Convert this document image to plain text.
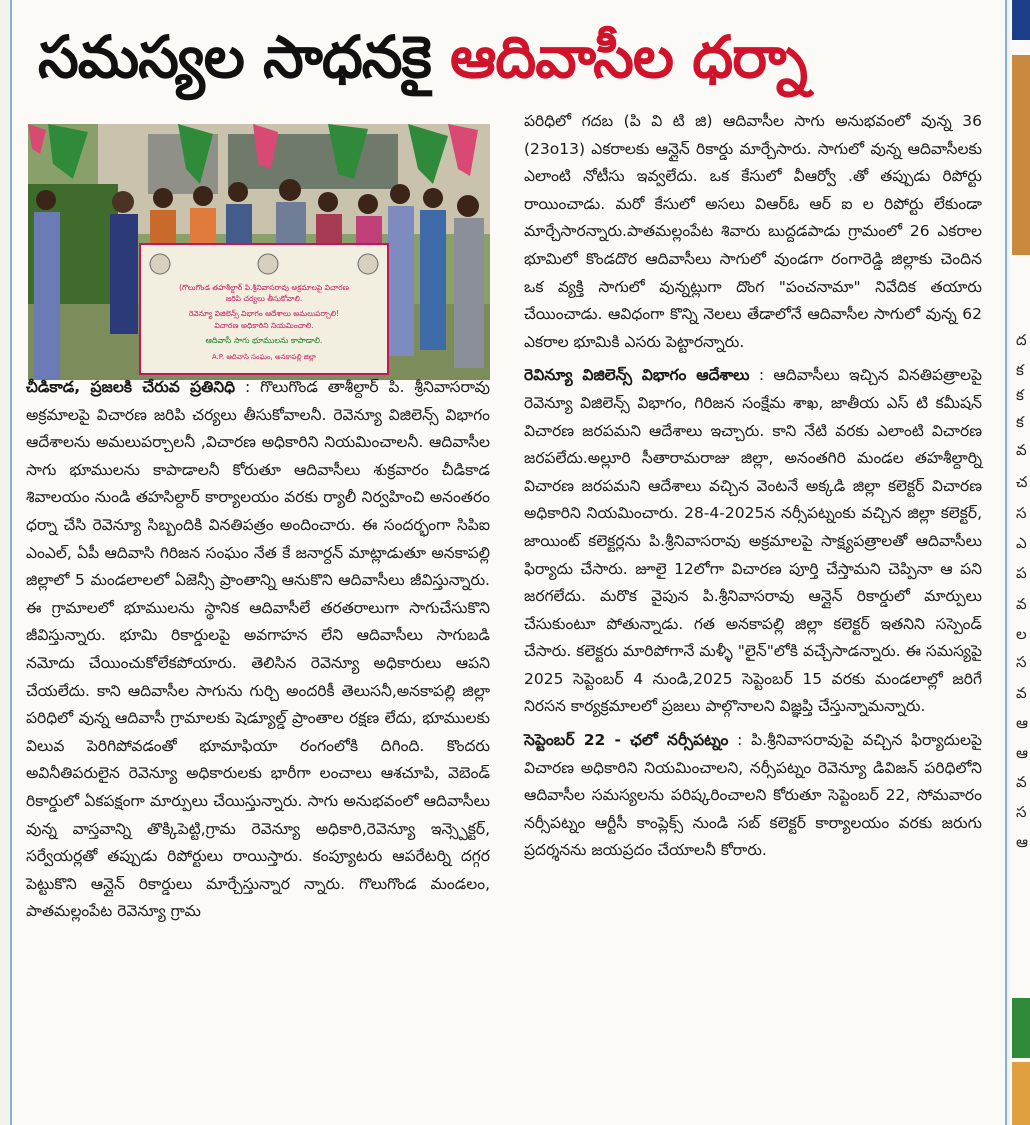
సమస్యల సాధనకై ఆదివాసీల ధర్నా
(గొలుగొండ తహశీల్దార్ పి.శ్రీనివాసరావు అక్రమాలపై విచారణ
జరిపి చర్యలు తీసుకోవాలి.
రెవెన్యూ విజిలెన్స్ విభాగం ఆదేశాలు అమలుపర్చాలి!
విచారణ అధికారిని నియమించాలి.
ఆదివాసీ సాగు భూములను కాపాడాలి.
A.P. ఆదివాసి సంఘం, అనకాపల్లి జిల్లా

చీడికాడ, ప్రజలకి చేరువ ప్రతినిధి : గొలుగొండ తాశీల్దార్ పి. శ్రీనివాసరావు అక్రమాలపై విచారణ జరిపి చర్యలు తీసుకోవాలనీ. రెవెన్యూ విజిలెన్స్ విభాగం ఆదేశాలను అమలుపర్చాలనీ ,విచారణ అధికారిని నియమించాలనీ. ఆదివాసీల సాగు భూములను కాపాడాలనీ కోరుతూ ఆదివాసీలు శుక్రవారం చీడికాడ శివాలయం నుండి తహసిల్దార్ కార్యాలయం వరకు ర్యాలీ నిర్వహించి అనంతరం ధర్నా చేసి రెవెన్యూ సిబ్బందికి వినతిపత్రం అందించారు. ఈ సందర్భంగా సిపిఐ ఎంఎల్, ఏపీ ఆదివాసి గిరిజన సంఘం నేత కే జనార్దన్ మాట్లాడుతూ అనకాపల్లి జిల్లాలో 5 మండలాలలో ఏజెన్సీ ప్రాంతాన్ని ఆనుకొని ఆదివాసీలు జీవిస్తున్నారు. ఈ గ్రామాలలో భూములను స్థానిక ఆదివాసీలే తరతరాలుగా సాగుచేసుకొని జీవిస్తున్నారు. భూమి రికార్డులపై అవగాహన లేని ఆదివాసీలు సాగుబడి నమోదు చేయించుకోలేకపోయారు. తెలిసిన రెవెన్యూ అధికారులు ఆపని చేయలేదు. కాని ఆదివాసీల సాగును గుర్చి అందరికీ తెలుసనీ,అనకాపల్లి జిల్లా పరిధిలో వున్న ఆదివాసీ గ్రామాలకు షెడ్యూల్డ్ ప్రాంతాల రక్షణ లేదు, భూములకు విలువ పెరిగిపోవడంతో భూమాఫియా రంగంలోకి దిగింది. కొందరు అవినీతిపరులైన రెవెన్యూ అధికారులకు భారీగా లంచాలు ఆశచూపి, వెబెండ్ రికార్డులో ఏకపక్షంగా మార్పులు చేయిస్తున్నారు. సాగు అనుభవంలో ఆదివాసీలు వున్న వాస్తవాన్ని తొక్కిపెట్టి,గ్రామ రెవెన్యూ అధికారి,రెవెన్యూ ఇన్స్పెక్టర్, సర్వేయర్లతో తప్పుడు రిపోర్టులు రాయిస్తారు. కంప్యూటరు ఆపరేటర్ని దగ్గర పెట్టుకొని ఆన్లైన్ రికార్డులు మార్చేస్తున్నార న్నారు. గొలుగొండ మండలం, పాతమల్లంపేట రెవెన్యూ గ్రామ

పరిధిలో గదబ (పి వి టి జి) ఆదివాసీల సాగు అనుభవంలో వున్న 36 (23o13) ఎకరాలకు ఆన్లైన్ రికార్డు మార్చేసారు. సాగులో వున్న ఆదివాసీలకు ఎలాంటి నోటీసు ఇవ్వలేదు. ఒక కేసులో వీఆర్వో .తో తప్పుడు రిపోర్టు రాయించాడు. మరో కేసులో అసలు విఆర్ఓ ఆర్ ఐ ల రిపోర్టు లేకుండా మార్చేసారన్నారు.పాతమల్లంపేట శివారు బుద్దడపాడు గ్రామంలో 26 ఎకరాల భూమిలో కొండదొర ఆదివాసీలు సాగులో వుండగా రంగారెడ్డి జిల్లాకు చెందిన ఒక వ్యక్తి సాగులో వున్నట్లుగా దొంగ "పంచనామా" నివేదిక తయారు చేయించాడు. ఆవిధంగా కొన్ని నెలలు తేడాలోనే ఆదివాసీల సాగులో వున్న 62 ఎకరాల భూమికి ఎసరు పెట్టారన్నారు.

రెవిన్యూ విజిలెన్స్ విభాగం ఆదేశాలు : ఆదివాసీలు ఇచ్చిన వినతిపత్రాలపై రెవెన్యూ విజిలెన్స్ విభాగం, గిరిజన సంక్షేమ శాఖ, జాతీయ ఎస్ టి కమీషన్ విచారణ జరపమని ఆదేశాలు ఇచ్చారు. కాని నేటి వరకు ఎలాంటి విచారణ జరపలేదు.అల్లూరి సీతారామరాజు జిల్లా, అనంతగిరి మండల తహశీల్దార్ని విచారణ జరపమని ఆదేశాలు వచ్చిన వెంటనే అక్కడి జిల్లా కలెక్టర్ విచారణ అధికారిని నియమించారు. 28-4-2025న నర్సీపట్నంకు వచ్చిన జిల్లా కలెక్టర్, జాయింట్ కలెక్టర్లను పి.శ్రీనివాసరావు అక్రమాలపై సాక్ష్యపత్రాలతో ఆదివాసీలు ఫిర్యాదు చేసారు. జూలై 12లోగా విచారణ పూర్తి చేస్తామని చెప్పినా ఆ పని జరగలేదు. మరొక వైపున పి.శ్రీనివాసరావు ఆన్లైన్ రికార్డులో మార్పులు చేసుకుంటూ పోతున్నాడు. గత అనకాపల్లి జిల్లా కలెక్టర్ ఇతనిని సస్పెండ్ చేసారు. కలెక్టరు మారిపోగానే మళ్ళీ "లైన్"లోకి వచ్చేసాడన్నారు. ఈ సమస్యపై 2025 సెప్టెంబర్ 4 నుండి,2025 సెప్టెంబర్ 15 వరకు మండలాల్లో జరిగే నిరసన కార్యక్రమాలలో ప్రజలు పాల్గొనాలని విజ్ఞప్తి చేస్తున్నామన్నారు.

సెప్టెంబర్ 22 - ఛలో నర్సీపట్నం : పి.శ్రీనివాసరావుపై వచ్చిన ఫిర్యాదులపై విచారణ అధికారిని నియమించాలని, నర్సీపట్నం రెవెన్యూ డివిజన్ పరిధిలోని ఆదివాసీల సమస్యలను పరిష్కరించాలని కోరుతూ సెప్టెంబర్ 22, సోమవారం నర్సీపట్నం ఆర్టీసీ కాంప్లెక్స్ నుండి సబ్ కలెక్టర్ కార్యాలయం వరకు జరుగు ప్రదర్శనను జయప్రదం చేయాలనీ కోరారు.

ద
క
క
క
వ
చ
స
ఎ
ప
వ
ల
స
వ
ఆ
ఆ
వ
స
ఆ
